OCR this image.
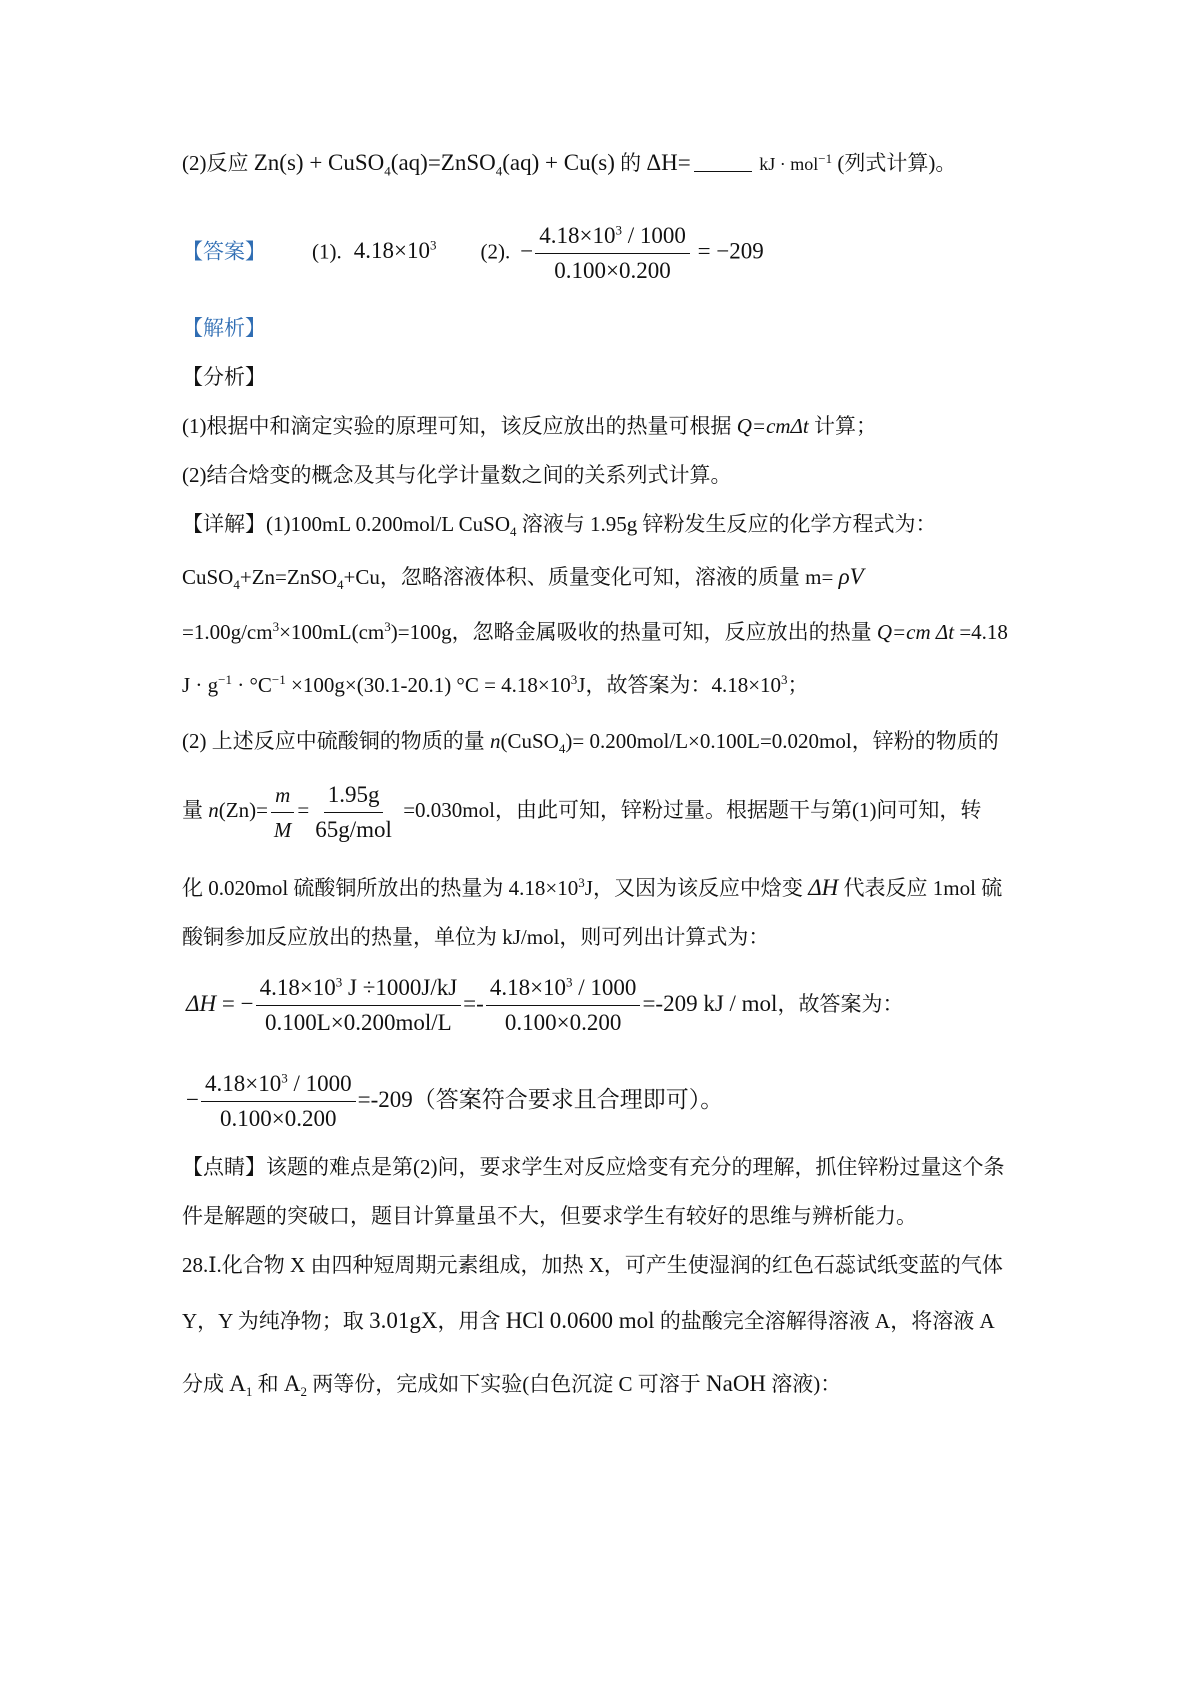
(2)反应 Zn(s) + CuSO$_4$(aq)=ZnSO$_4$(aq) + Cu(s) 的 ΔH=	kJ · mol$^{-1}$ (列式计算)。
【答案】 (1). $4.18\times 10^3$ (2). − $\frac{4.18\times 10^3 / 1000}{0.100\times 0.200} = -209$
【解析】
【分析】
(1)根据中和滴定实验的原理可知，该反应放出的热量可根据 Q=cmΔt 计算；
(2)结合焓变的概念及其与化学计量数之间的关系列式计算。
【详解】(1)100mL 0.200mol/L CuSO$_4$ 溶液与 1.95g 锌粉发生反应的化学方程式为：
CuSO$_4$+Zn=ZnSO$_4$+Cu，忽略溶液体积、质量变化可知，溶液的质量 m= ρV
$=1.00g/cm^3\times 100mL(cm^3)=100g$，忽略金属吸收的热量可知，反应放出的热量 Q=cm Δt =4.18
$J \cdot g^{-1} \cdot ^\circ C^{-1} \times 100g\times(30.1-20.1) ^\circ C = 4.18\times 10^3J$，故答案为：$4.18\times 10^3$；
(2) 上述反应中硫酸铜的物质的量 n(CuSO$_4$)= 0.200mol/L×0.100L=0.020mol，锌粉的物质的
量 $n(Zn)= \frac{m}{M} = \frac{1.95g}{\text{65g/mol}} =0.030mol$，由此可知，锌粉过量。根据题干与第(1)问可知，转
化 0.020mol 硫酸铜所放出的热量为 $4.18\times 10^3J$，又因为该反应中焓变 ΔH 代表反应 1mol 硫
酸铜参加反应放出的热量，单位为 kJ/mol，则可列出计算式为：
ΔH = − $\frac{4.18\times 10^3 J \div 1000J/kJ}{\text{0.100L×0.200mol/L}} =- \frac{4.18\times 10^3 / 1000}{0.100\times 0.200} =-209$ kJ / mol，故答案为：
− $\frac{4.18\times 10^3 / 1000}{0.100\times 0.200} =-209$（答案符合要求且合理即可）。
【点睛】该题的难点是第(2)问，要求学生对反应焓变有充分的理解，抓住锌粉过量这个条
件是解题的突破口，题目计算量虽不大，但要求学生有较好的思维与辨析能力。
28.Ⅰ.化合物 X 由四种短周期元素组成，加热 X，可产生使湿润的红色石蕊试纸变蓝的气体
Y，Y 为纯净物；取 3.01gX，用含 HCl 0.0600 mol 的盐酸完全溶解得溶液 A，将溶液 A
分成 $A_1$ 和 $A_2$ 两等份，完成如下实验(白色沉淀 C 可溶于 NaOH 溶液)：
